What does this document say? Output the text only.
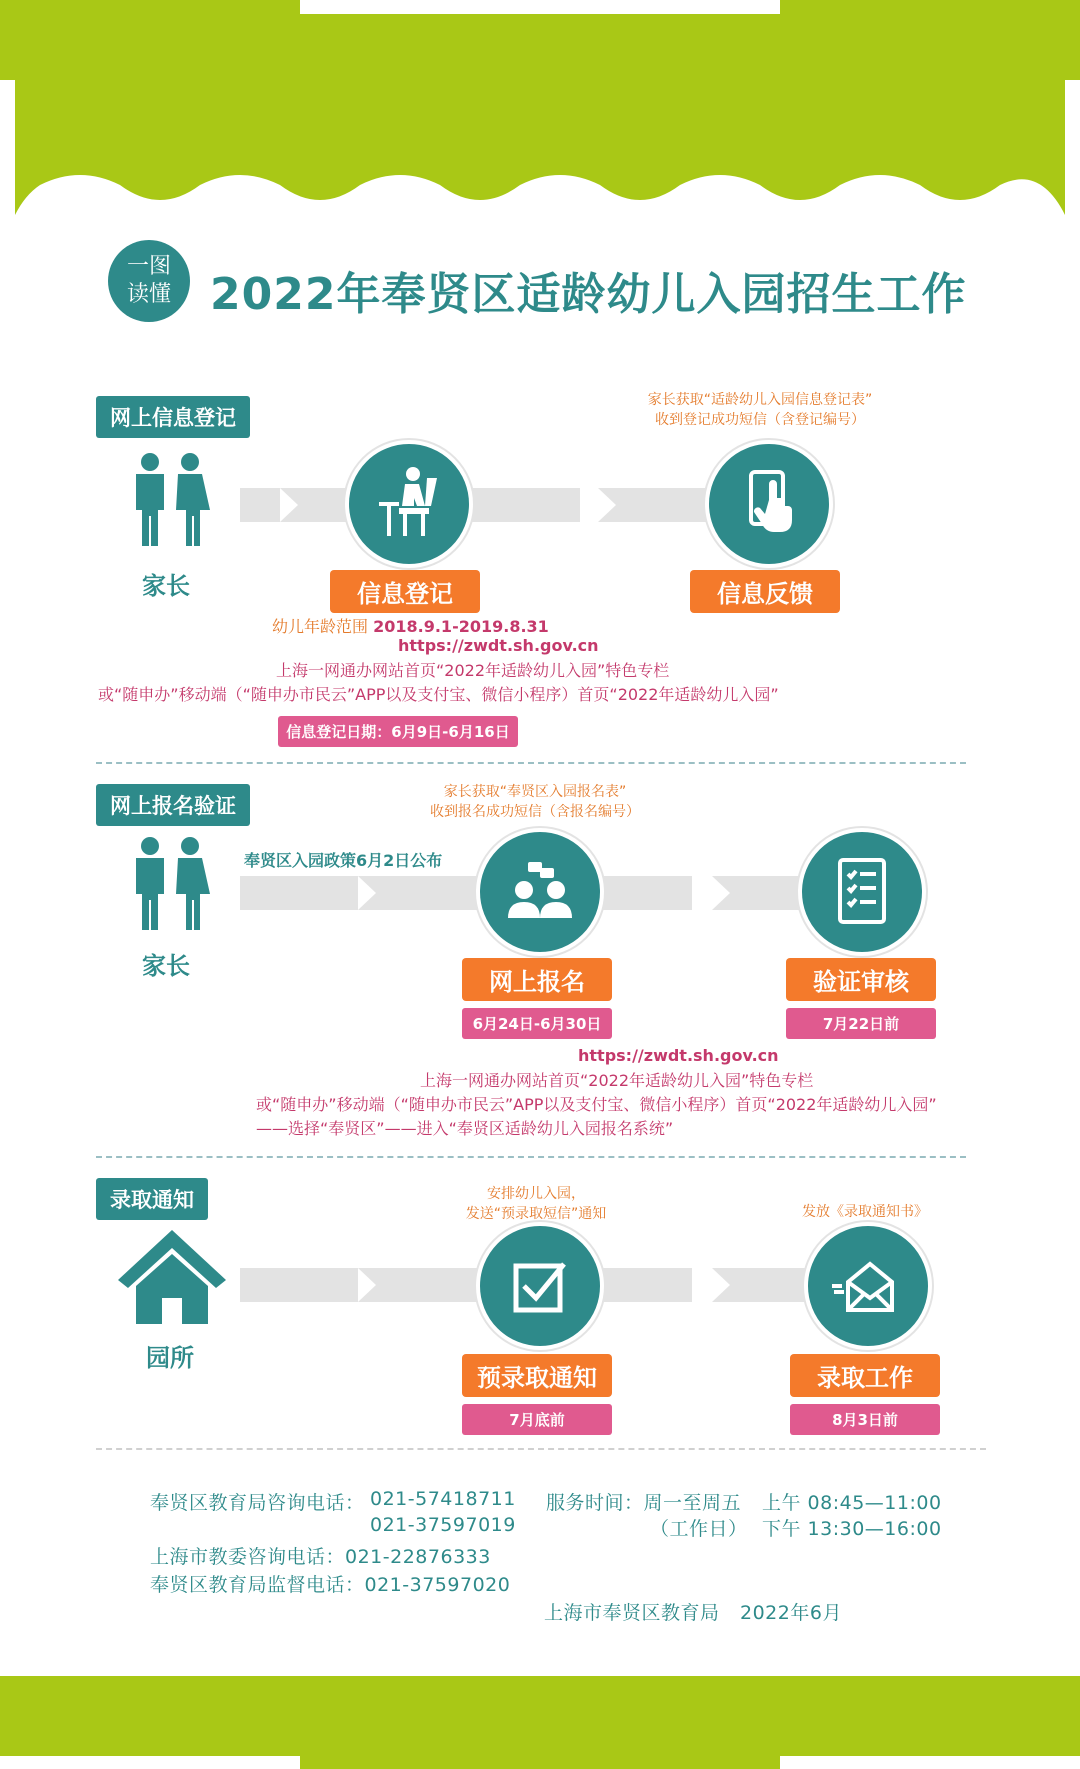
一图
读懂 2022年奉贤区适龄幼儿入园招生工作
网上信息登记
家长	信息登记	信息反馈
家长获取“适龄幼儿入园信息登记表”
收到登记成功短信（含登记编号）
幼儿年龄范围 2018.9.1-2019.8.31
https://zwdt.sh.gov.cn
上海一网通办网站首页“2022年适龄幼儿入园”特色专栏
或“随申办”移动端（“随申办市民云”APP以及支付宝、微信小程序）首页“2022年适龄幼儿入园”
信息登记日期：6月9日-6月16日
网上报名验证
家长
奉贤区入园政策6月2日公布
家长获取“奉贤区入园报名表”
收到报名成功短信（含报名编号）
网上报名	验证审核
6月24日-6月30日	7月22日前
https://zwdt.sh.gov.cn
上海一网通办网站首页“2022年适龄幼儿入园”特色专栏
或“随申办”移动端（“随申办市民云”APP以及支付宝、微信小程序）首页“2022年适龄幼儿入园”
——选择“奉贤区”——进入“奉贤区适龄幼儿入园报名系统”
录取通知
园所
安排幼儿入园，
发送“预录取短信”通知	发放《录取通知书》
预录取通知	录取工作
7月底前	8月3日前
奉贤区教育局咨询电话： 021-57418711
021-37597019
服务时间：周一至周五
（工作日）
上午 08:45—11:00
下午 13:30—16:00
上海市教委咨询电话：021-22876333
奉贤区教育局监督电话：021-37597020
上海市奉贤区教育局 2022年6月
